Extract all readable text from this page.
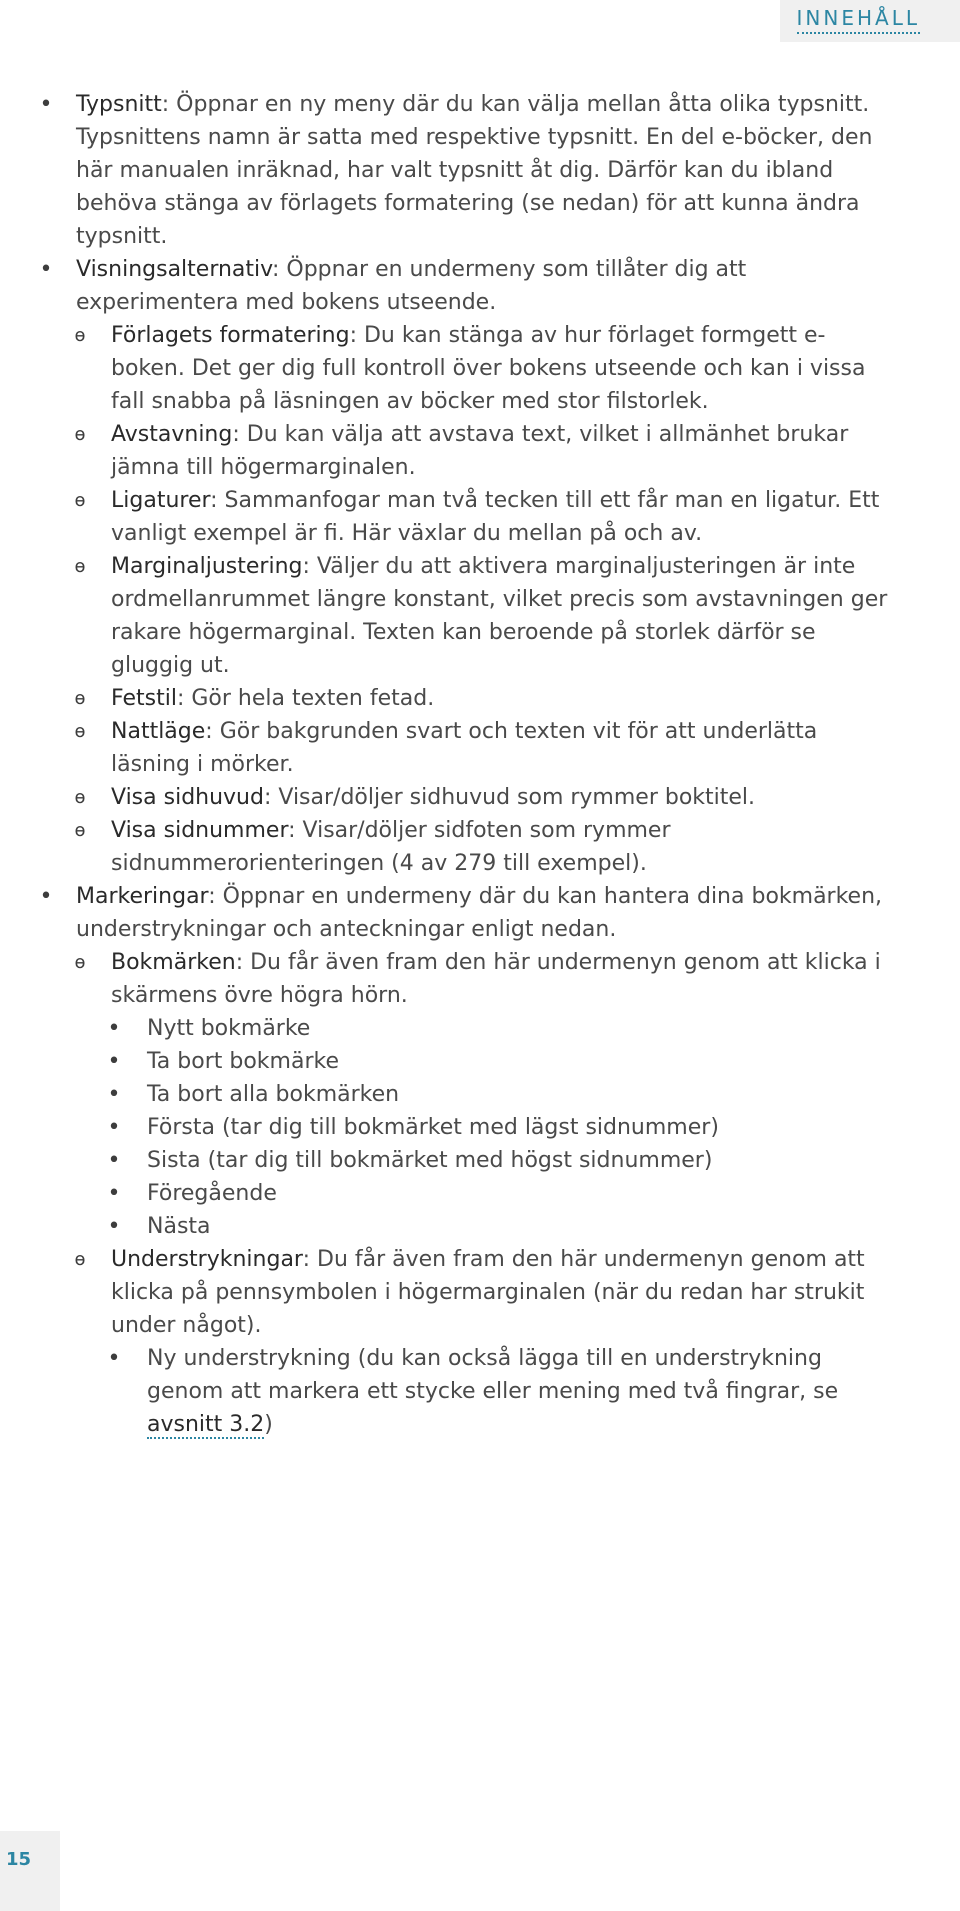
INNEHÅLL

• Typsnitt: Öppnar en ny meny där du kan välja mellan åtta olika typsnitt. Typsnittens namn är satta med respektive typsnitt. En del e-böcker, den här manualen inräknad, har valt typsnitt åt dig. Därför kan du ibland behöva stänga av förlagets formatering (se nedan) för att kunna ändra typsnitt.

• Visningsalternativ: Öppnar en undermeny som tillåter dig att experimentera med bokens utseende.

ө Förlagets formatering: Du kan stänga av hur förlaget formgett e-boken. Det ger dig full kontroll över bokens utseende och kan i vissa fall snabba på läsningen av böcker med stor filstorlek.

ө Avstavning: Du kan välja att avstava text, vilket i allmänhet brukar jämna till högermarginalen.

ө Ligaturer: Sammanfogar man två tecken till ett får man en ligatur. Ett vanligt exempel är fi. Här växlar du mellan på och av.

ө Marginaljustering: Väljer du att aktivera marginaljusteringen är inte ordmellanrummet längre konstant, vilket precis som avstavningen ger rakare högermarginal. Texten kan beroende på storlek därför se gluggig ut.

ө Fetstil: Gör hela texten fetad.

ө Nattläge: Gör bakgrunden svart och texten vit för att underlätta läsning i mörker.

ө Visa sidhuvud: Visar/döljer sidhuvud som rymmer boktitel.

ө Visa sidnummer: Visar/döljer sidfoten som rymmer sidnummerorienteringen (4 av 279 till exempel).

• Markeringar: Öppnar en undermeny där du kan hantera dina bokmärken, understrykningar och anteckningar enligt nedan.

ө Bokmärken: Du får även fram den här undermenyn genom att klicka i skärmens övre högra hörn.

• Nytt bokmärke

• Ta bort bokmärke

• Ta bort alla bokmärken

• Första (tar dig till bokmärket med lägst sidnummer)

• Sista (tar dig till bokmärket med högst sidnummer)

• Föregående

• Nästa

ө Understrykningar: Du får även fram den här undermenyn genom att klicka på pennsymbolen i högermarginalen (när du redan har strukit under något).

• Ny understrykning (du kan också lägga till en understrykning genom att markera ett stycke eller mening med två fingrar, se avsnitt 3.2)

15
